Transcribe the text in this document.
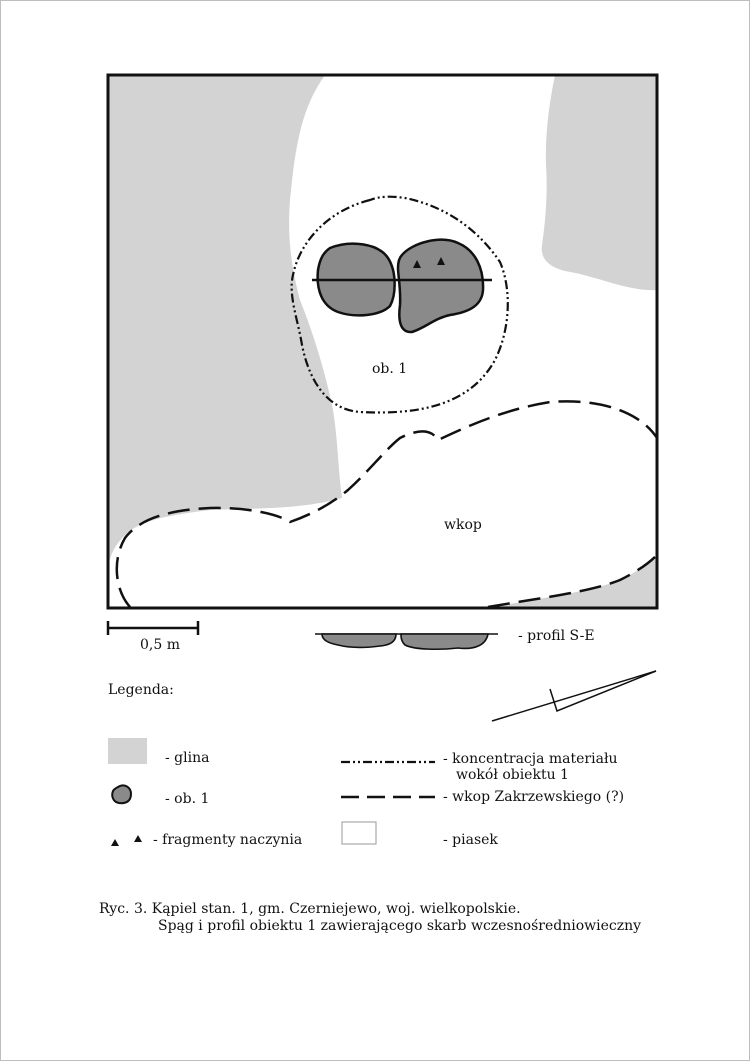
ob. 1
wkop
0,5 m
- profil S-E
Legenda:
- glina
- ob. 1
- fragmenty naczynia
- koncentracja materiału
wokół obiektu 1
- wkop Zakrzewskiego (?)
- piasek
Ryc. 3. Kąpiel stan. 1, gm. Czerniejewo, woj. wielkopolskie.
Spąg i profil obiektu 1 zawierającego skarb wczesnośredniowieczny
